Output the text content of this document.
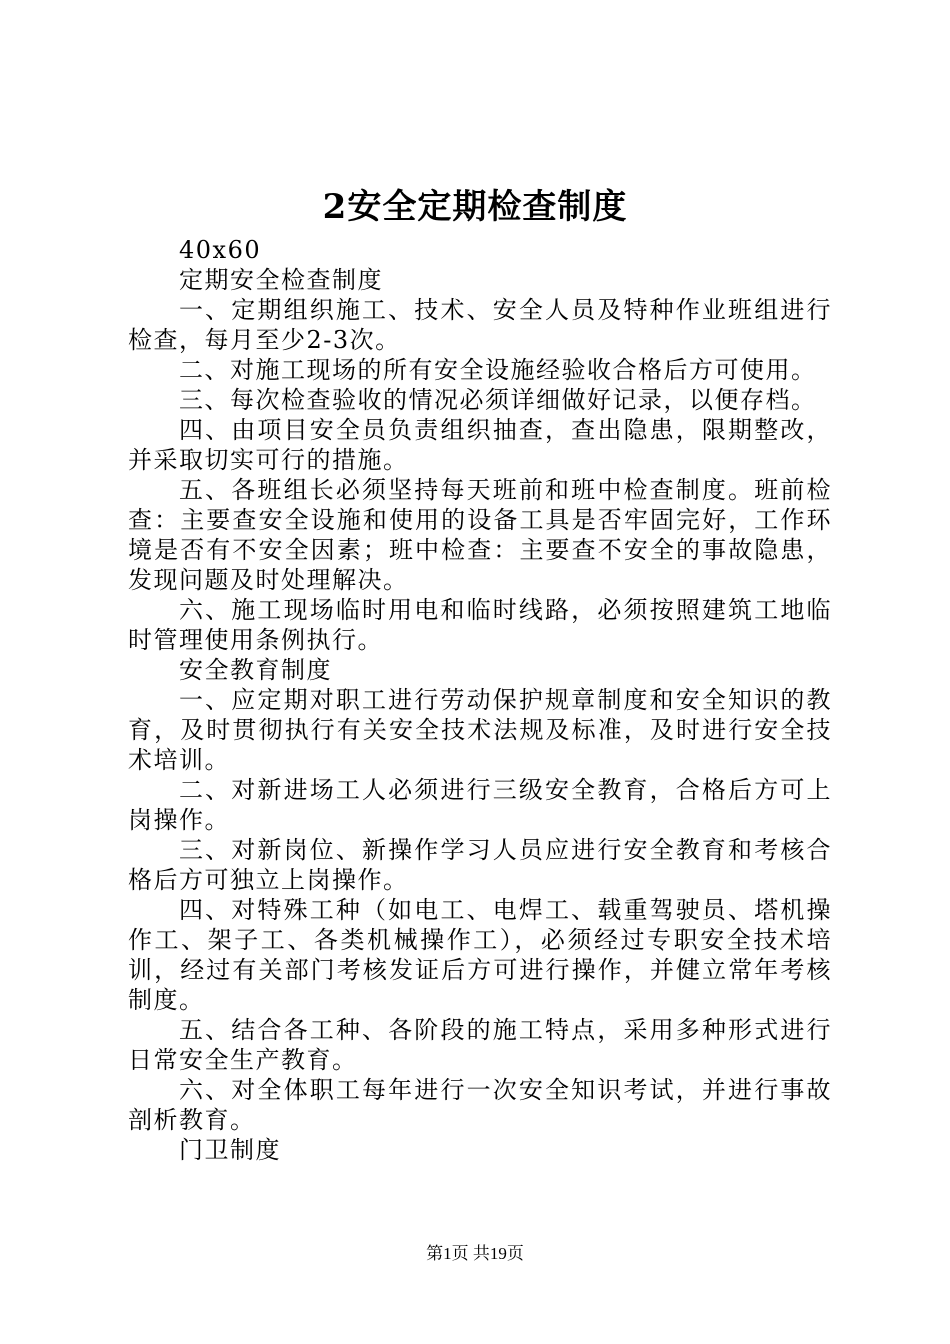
2安全定期检查制度

40x60

定期安全检查制度

一、定期组织施工、技术、安全人员及特种作业班组进行检查，每月至少2-3次。

二、对施工现场的所有安全设施经验收合格后方可使用。

三、每次检查验收的情况必须详细做好记录，以便存档。

四、由项目安全员负责组织抽查，查出隐患，限期整改，并采取切实可行的措施。

五、各班组长必须坚持每天班前和班中检查制度。班前检查：主要查安全设施和使用的设备工具是否牢固完好，工作环境是否有不安全因素；班中检查：主要查不安全的事故隐患，发现问题及时处理解决。

六、施工现场临时用电和临时线路，必须按照建筑工地临时管理使用条例执行。

安全教育制度

一、应定期对职工进行劳动保护规章制度和安全知识的教育，及时贯彻执行有关安全技术法规及标准，及时进行安全技术培训。

二、对新进场工人必须进行三级安全教育，合格后方可上岗操作。

三、对新岗位、新操作学习人员应进行安全教育和考核合格后方可独立上岗操作。

四、对特殊工种（如电工、电焊工、载重驾驶员、塔机操作工、架子工、各类机械操作工），必须经过专职安全技术培训，经过有关部门考核发证后方可进行操作，并健立常年考核制度。

五、结合各工种、各阶段的施工特点，采用多种形式进行日常安全生产教育。

六、对全体职工每年进行一次安全知识考试，并进行事故剖析教育。

门卫制度

第1页 共19页
